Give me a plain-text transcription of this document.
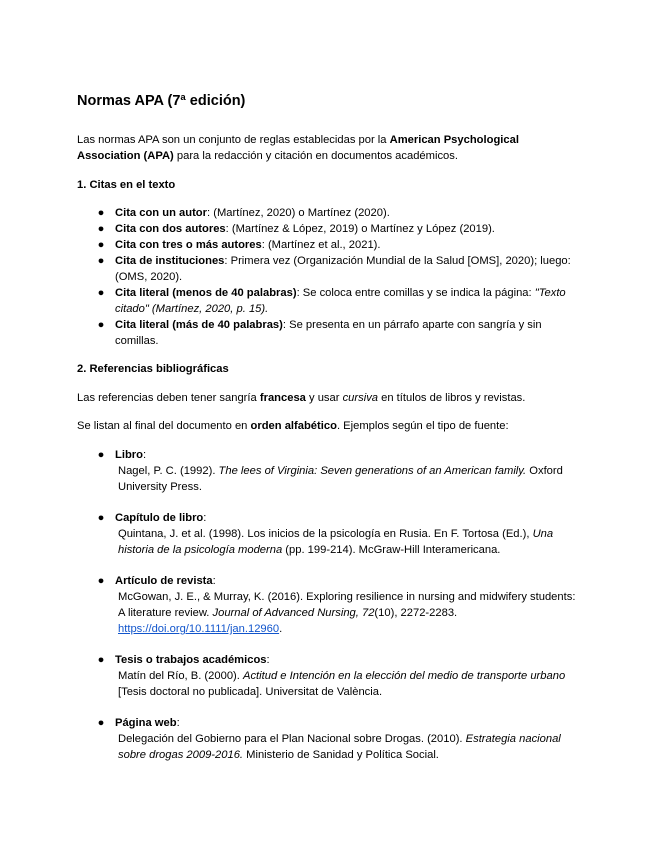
Normas APA (7ª edición)

Las normas APA son un conjunto de reglas establecidas por la American Psychological Association (APA) para la redacción y citación en documentos académicos.

1. Citas en el texto
● Cita con un autor: (Martínez, 2020) o Martínez (2020).
● Cita con dos autores: (Martínez & López, 2019) o Martínez y López (2019).
● Cita con tres o más autores: (Martínez et al., 2021).
● Cita de instituciones: Primera vez (Organización Mundial de la Salud [OMS], 2020); luego: (OMS, 2020).
● Cita literal (menos de 40 palabras): Se coloca entre comillas y se indica la página: "Texto citado" (Martínez, 2020, p. 15).
● Cita literal (más de 40 palabras): Se presenta en un párrafo aparte con sangría y sin comillas.
2. Referencias bibliográficas

Las referencias deben tener sangría francesa y usar cursiva en títulos de libros y revistas.

Se listan al final del documento en orden alfabético. Ejemplos según el tipo de fuente:

● Libro:
Nagel, P. C. (1992). The lees of Virginia: Seven generations of an American family. Oxford University Press.
● Capítulo de libro:
Quintana, J. et al. (1998). Los inicios de la psicología en Rusia. En F. Tortosa (Ed.), Una historia de la psicología moderna (pp. 199-214). McGraw-Hill Interamericana.
● Artículo de revista:
McGowan, J. E., & Murray, K. (2016). Exploring resilience in nursing and midwifery students: A literature review. Journal of Advanced Nursing, 72(10), 2272-2283. https://doi.org/10.1111/jan.12960.
● Tesis o trabajos académicos:
Matín del Río, B. (2000). Actitud e Intención en la elección del medio de transporte urbano [Tesis doctoral no publicada]. Universitat de València.
● Página web:
Delegación del Gobierno para el Plan Nacional sobre Drogas. (2010). Estrategia nacional sobre drogas 2009-2016. Ministerio de Sanidad y Política Social.
